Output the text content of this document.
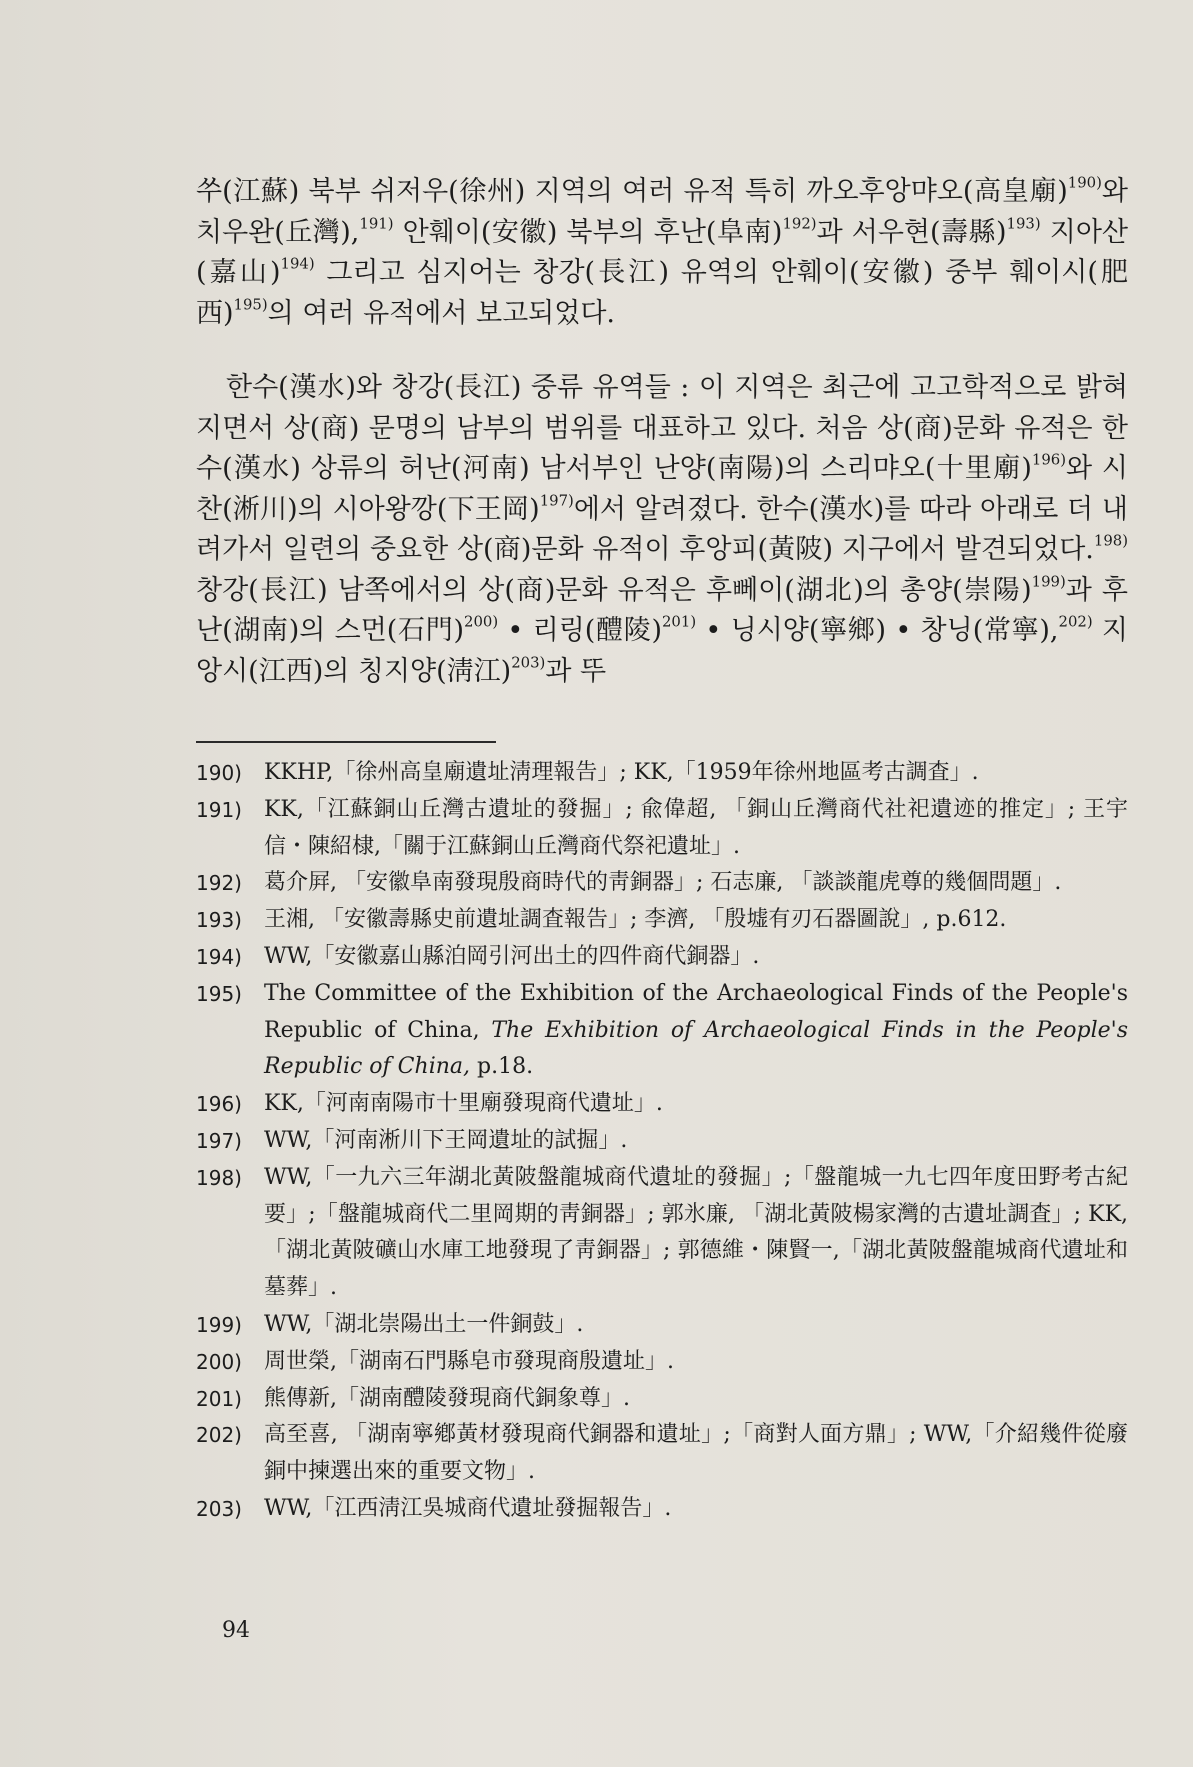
쑤(江蘇) 북부 쉬저우(徐州) 지역의 여러 유적 특히 까오후앙먀오(高皇廟)$^{190)}$와 치우완(丘灣),$^{191)}$ 안훼이(安徽) 북부의 후난(阜南)$^{192)}$과 서우현(壽縣)$^{193)}$ 지아산(嘉山)$^{194)}$ 그리고 심지어는 창강(長江) 유역의 안훼이(安徽) 중부 훼이시(肥西)$^{195)}$의 여러 유적에서 보고되었다.

한수(漢水)와 창강(長江) 중류 유역들 : 이 지역은 최근에 고고학적으로 밝혀지면서 상(商) 문명의 남부의 범위를 대표하고 있다. 처음 상(商)문화 유적은 한수(漢水) 상류의 허난(河南) 남서부인 난양(南陽)의 스리먀오(十里廟)$^{196)}$와 시찬(淅川)의 시아왕깡(下王岡)$^{197)}$에서 알려졌다. 한수(漢水)를 따라 아래로 더 내려가서 일련의 중요한 상(商)문화 유적이 후앙피(黃陂) 지구에서 발견되었다.$^{198)}$ 창강(長江) 남쪽에서의 상(商)문화 유적은 후뻬이(湖北)의 총양(崇陽)$^{199)}$과 후난(湖南)의 스먼(石門)$^{200)}$ • 리링(醴陵)$^{201)}$ • 닝시양(寧鄉) • 창닝(常寧),$^{202)}$ 지앙시(江西)의 칭지양(淸江)$^{203)}$과 뚜

190)	KKHP,「徐州高皇廟遺址淸理報告」; KK,「1959年徐州地區考古調査」.
191)	KK,「江蘇銅山丘灣古遺址的發掘」; 兪偉超, 「銅山丘灣商代社祀遺迹的推定」; 王宇信・陳紹棣,「關于江蘇銅山丘灣商代祭祀遺址」.
192)	葛介屛, 「安徽阜南發現殷商時代的靑銅器」; 石志廉, 「談談龍虎尊的幾個問題」.
193)	王湘, 「安徽壽縣史前遺址調査報告」; 李濟, 「殷墟有刃石器圖說」, p.612.
194)	WW,「安徽嘉山縣泊岡引河出土的四件商代銅器」.
195)	The Committee of the Exhibition of the Archaeological Finds of the People's Republic of China, The Exhibition of Archaeological Finds in the People's Republic of China, p.18.
196)	KK,「河南南陽市十里廟發現商代遺址」.
197)	WW,「河南淅川下王岡遺址的試掘」.
198)	WW,「一九六三年湖北黃陂盤龍城商代遺址的發掘」;「盤龍城一九七四年度田野考古紀要」;「盤龍城商代二里岡期的靑銅器」; 郭氷廉, 「湖北黃陂楊家灣的古遺址調査」; KK,「湖北黃陂礦山水庫工地發現了靑銅器」; 郭德維・陳賢一,「湖北黃陂盤龍城商代遺址和墓葬」.
199)	WW,「湖北崇陽出土一件銅鼓」.
200)	周世榮,「湖南石門縣皂市發現商殷遺址」.
201)	熊傳新,「湖南醴陵發現商代銅象尊」.
202)	高至喜, 「湖南寧鄕黃材發現商代銅器和遺址」;「商對人面方鼎」; WW,「介紹幾件從廢銅中揀選出來的重要文物」.
203)	WW,「江西淸江吳城商代遺址發掘報告」.
94
